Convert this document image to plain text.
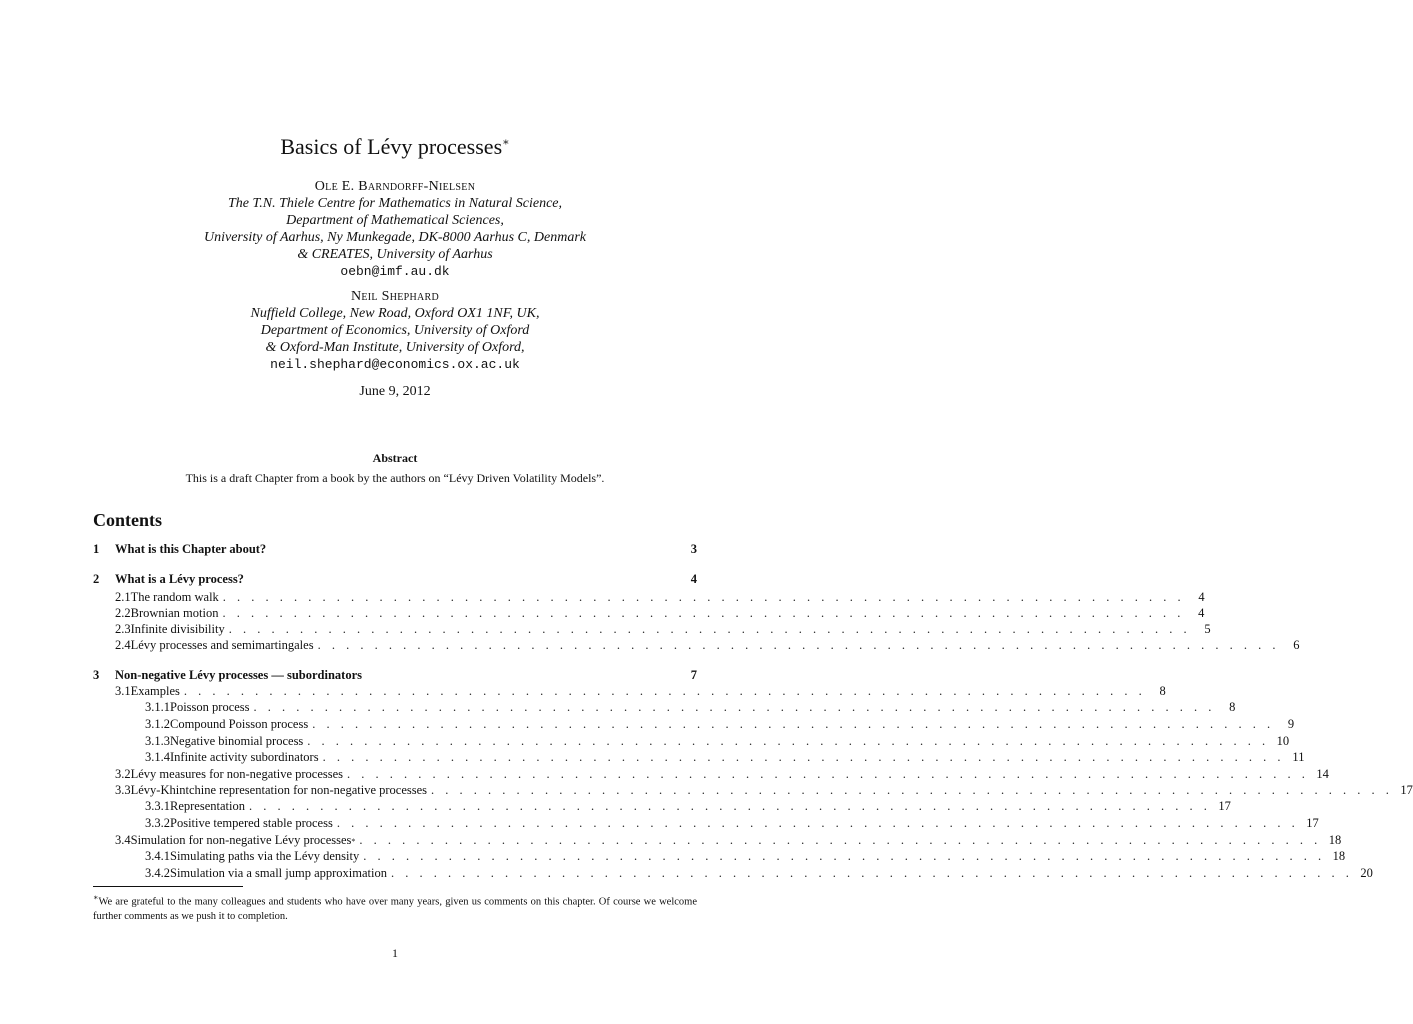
Basics of Lévy processes∗
Ole E. Barndorff-Nielsen
The T.N. Thiele Centre for Mathematics in Natural Science,
Department of Mathematical Sciences,
University of Aarhus, Ny Munkegade, DK-8000 Aarhus C, Denmark
& CREATES, University of Aarhus
oebn@imf.au.dk
Neil Shephard
Nuffield College, New Road, Oxford OX1 1NF, UK,
Department of Economics, University of Oxford
& Oxford-Man Institute, University of Oxford,
neil.shephard@economics.ox.ac.uk
June 9, 2012
Abstract
This is a draft Chapter from a book by the authors on “Lévy Driven Volatility Models”.
Contents
1	What is this Chapter about?	3
2	What is a Lévy process?	4
2.1 The random walk . . . . . . . . . . . . . . . . . . . . . . . . . . . . . . . . . . . . . . . . . . . . . . . . . . . . . . . . . . . . . . . . . . . .	4
2.2 Brownian motion . . . . . . . . . . . . . . . . . . . . . . . . . . . . . . . . . . . . . . . . . . . . . . . . . . . . . . . . . . . . . . . . . . . .	4
2.3 Infinite divisibility . . . . . . . . . . . . . . . . . . . . . . . . . . . . . . . . . . . . . . . . . . . . . . . . . . . . . . . . . . . . . . . . . . . .	5
2.4 Lévy processes and semimartingales . . . . . . . . . . . . . . . . . . . . . . . . . . . . . . . . . . . . . . . . . . . . . . . . . . . . . . . . . . . . . . . . . . . .	6
3	Non-negative Lévy processes — subordinators	7
3.1 Examples . . . . . . . . . . . . . . . . . . . . . . . . . . . . . . . . . . . . . . . . . . . . . . . . . . . . . . . . . . . . . . . . . . . .	8
3.1.1 Poisson process . . . . . . . . . . . . . . . . . . . . . . . . . . . . . . . . . . . . . . . . . . . . . . . . . . . . . . . . . . . . . . . . . . . .	8
3.1.2 Compound Poisson process . . . . . . . . . . . . . . . . . . . . . . . . . . . . . . . . . . . . . . . . . . . . . . . . . . . . . . . . . . . . . . . . . . . .	9
3.1.3 Negative binomial process . . . . . . . . . . . . . . . . . . . . . . . . . . . . . . . . . . . . . . . . . . . . . . . . . . . . . . . . . . . . . . . . . . . . 10
3.1.4 Infinite activity subordinators . . . . . . . . . . . . . . . . . . . . . . . . . . . . . . . . . . . . . . . . . . . . . . . . . . . . . . . . . . . . . . . . . . . . 11
3.2 Lévy measures for non-negative processes . . . . . . . . . . . . . . . . . . . . . . . . . . . . . . . . . . . . . . . . . . . . . . . . . . . . . . . . . . . . . . . . . . . . 14
3.3 Lévy-Khintchine representation for non-negative processes . . . . . . . . . . . . . . . . . . . . . . . . . . . . . . . . . . . . . . . . . . . . . . . . . . . . . . . . . . . . . . . . . . . . 17
3.3.1 Representation . . . . . . . . . . . . . . . . . . . . . . . . . . . . . . . . . . . . . . . . . . . . . . . . . . . . . . . . . . . . . . . . . . . . 17
3.3.2 Positive tempered stable process . . . . . . . . . . . . . . . . . . . . . . . . . . . . . . . . . . . . . . . . . . . . . . . . . . . . . . . . . . . . . . . . . . . . 17
3.4 Simulation for non-negative Lévy processes * . . . . . . . . . . . . . . . . . . . . . . . . . . . . . . . . . . . . . . . . . . . . . . . . . . . . . . . . . . . . . . . . . . . . 18
3.4.1 Simulating paths via the Lévy density . . . . . . . . . . . . . . . . . . . . . . . . . . . . . . . . . . . . . . . . . . . . . . . . . . . . . . . . . . . . . . . . . . . . 18
3.4.2 Simulation via a small jump approximation . . . . . . . . . . . . . . . . . . . . . . . . . . . . . . . . . . . . . . . . . . . . . . . . . . . . . . . . . . . . . . . . . . . . 20
∗We are grateful to the many colleagues and students who have over many years, given us comments on this chapter. Of course we welcome further comments as we push it to completion.
1
